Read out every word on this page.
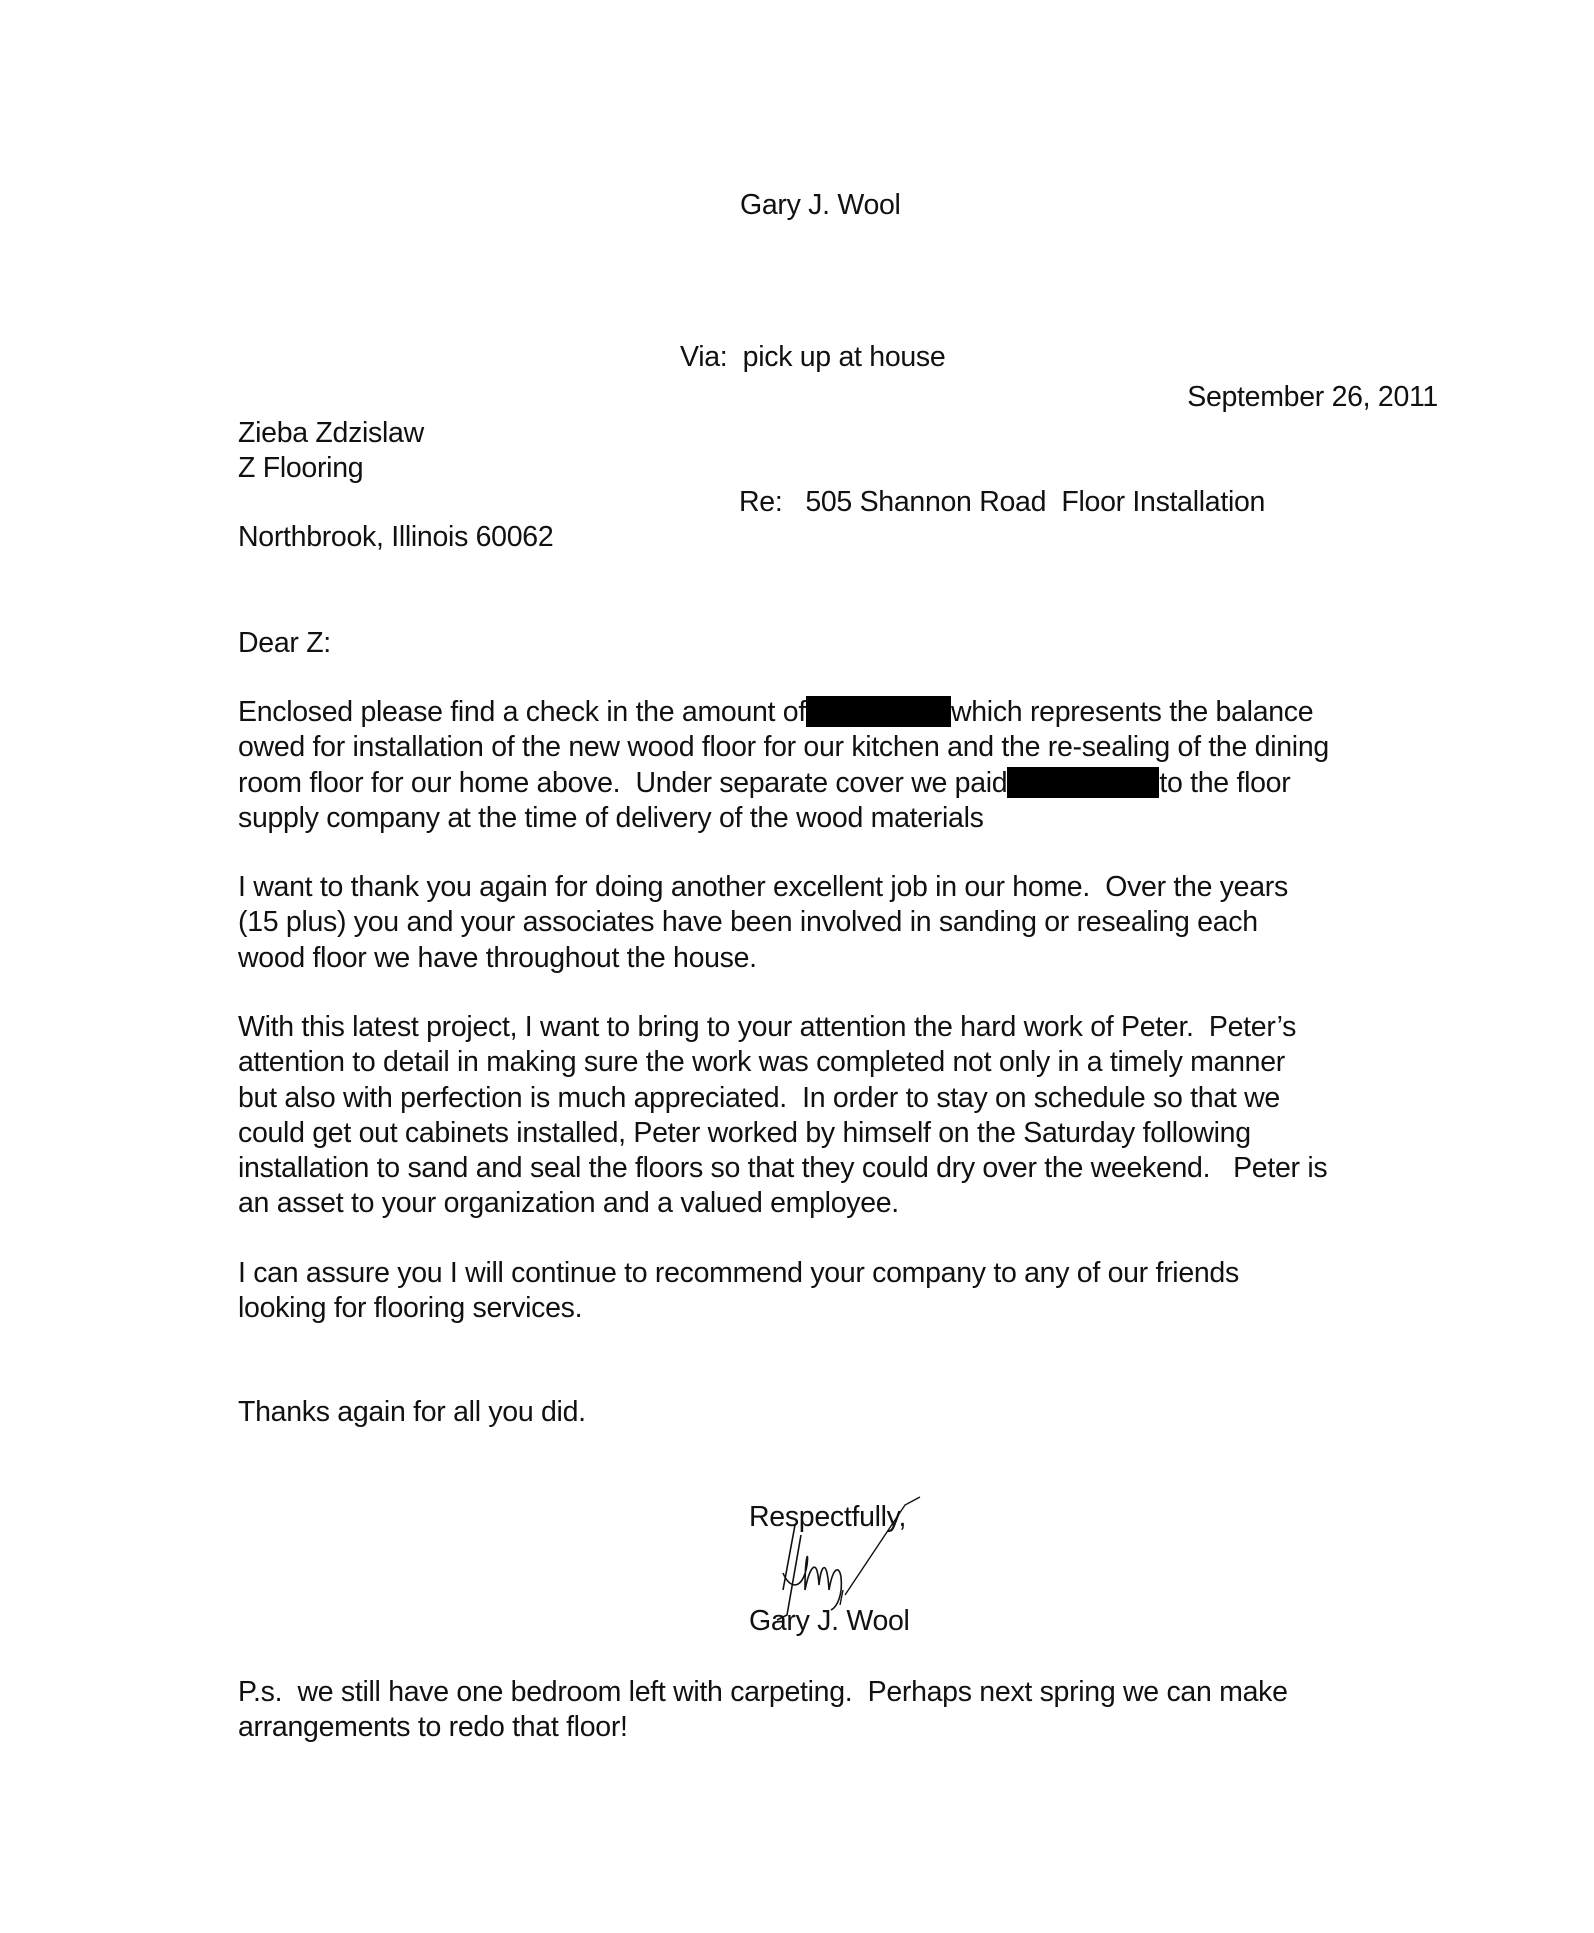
Gary J. Wool
Via: pick up at house
September 26, 2011
Zieba Zdzislaw
Z Flooring
Northbrook, Illinois 60062
Re: 505 Shannon Road  Floor Installation
Dear Z:
Enclosed please find a check in the amount of	which represents the balance
owed for installation of the new wood floor for our kitchen and the re-sealing of the dining
room floor for our home above.  Under separate cover we paid	to the floor
supply company at the time of delivery of the wood materials
I want to thank you again for doing another excellent job in our home.  Over the years
(15 plus) you and your associates have been involved in sanding or resealing each
wood floor we have throughout the house.
With this latest project, I want to bring to your attention the hard work of Peter.  Peter’s
attention to detail in making sure the work was completed not only in a timely manner
but also with perfection is much appreciated.  In order to stay on schedule so that we
could get out cabinets installed, Peter worked by himself on the Saturday following
installation to sand and seal the floors so that they could dry over the weekend.   Peter is
an asset to your organization and a valued employee.
I can assure you I will continue to recommend your company to any of our friends
looking for flooring services.
Thanks again for all you did.
Respectfully,
Gary J. Wool
P.s.  we still have one bedroom left with carpeting.  Perhaps next spring we can make
arrangements to redo that floor!
